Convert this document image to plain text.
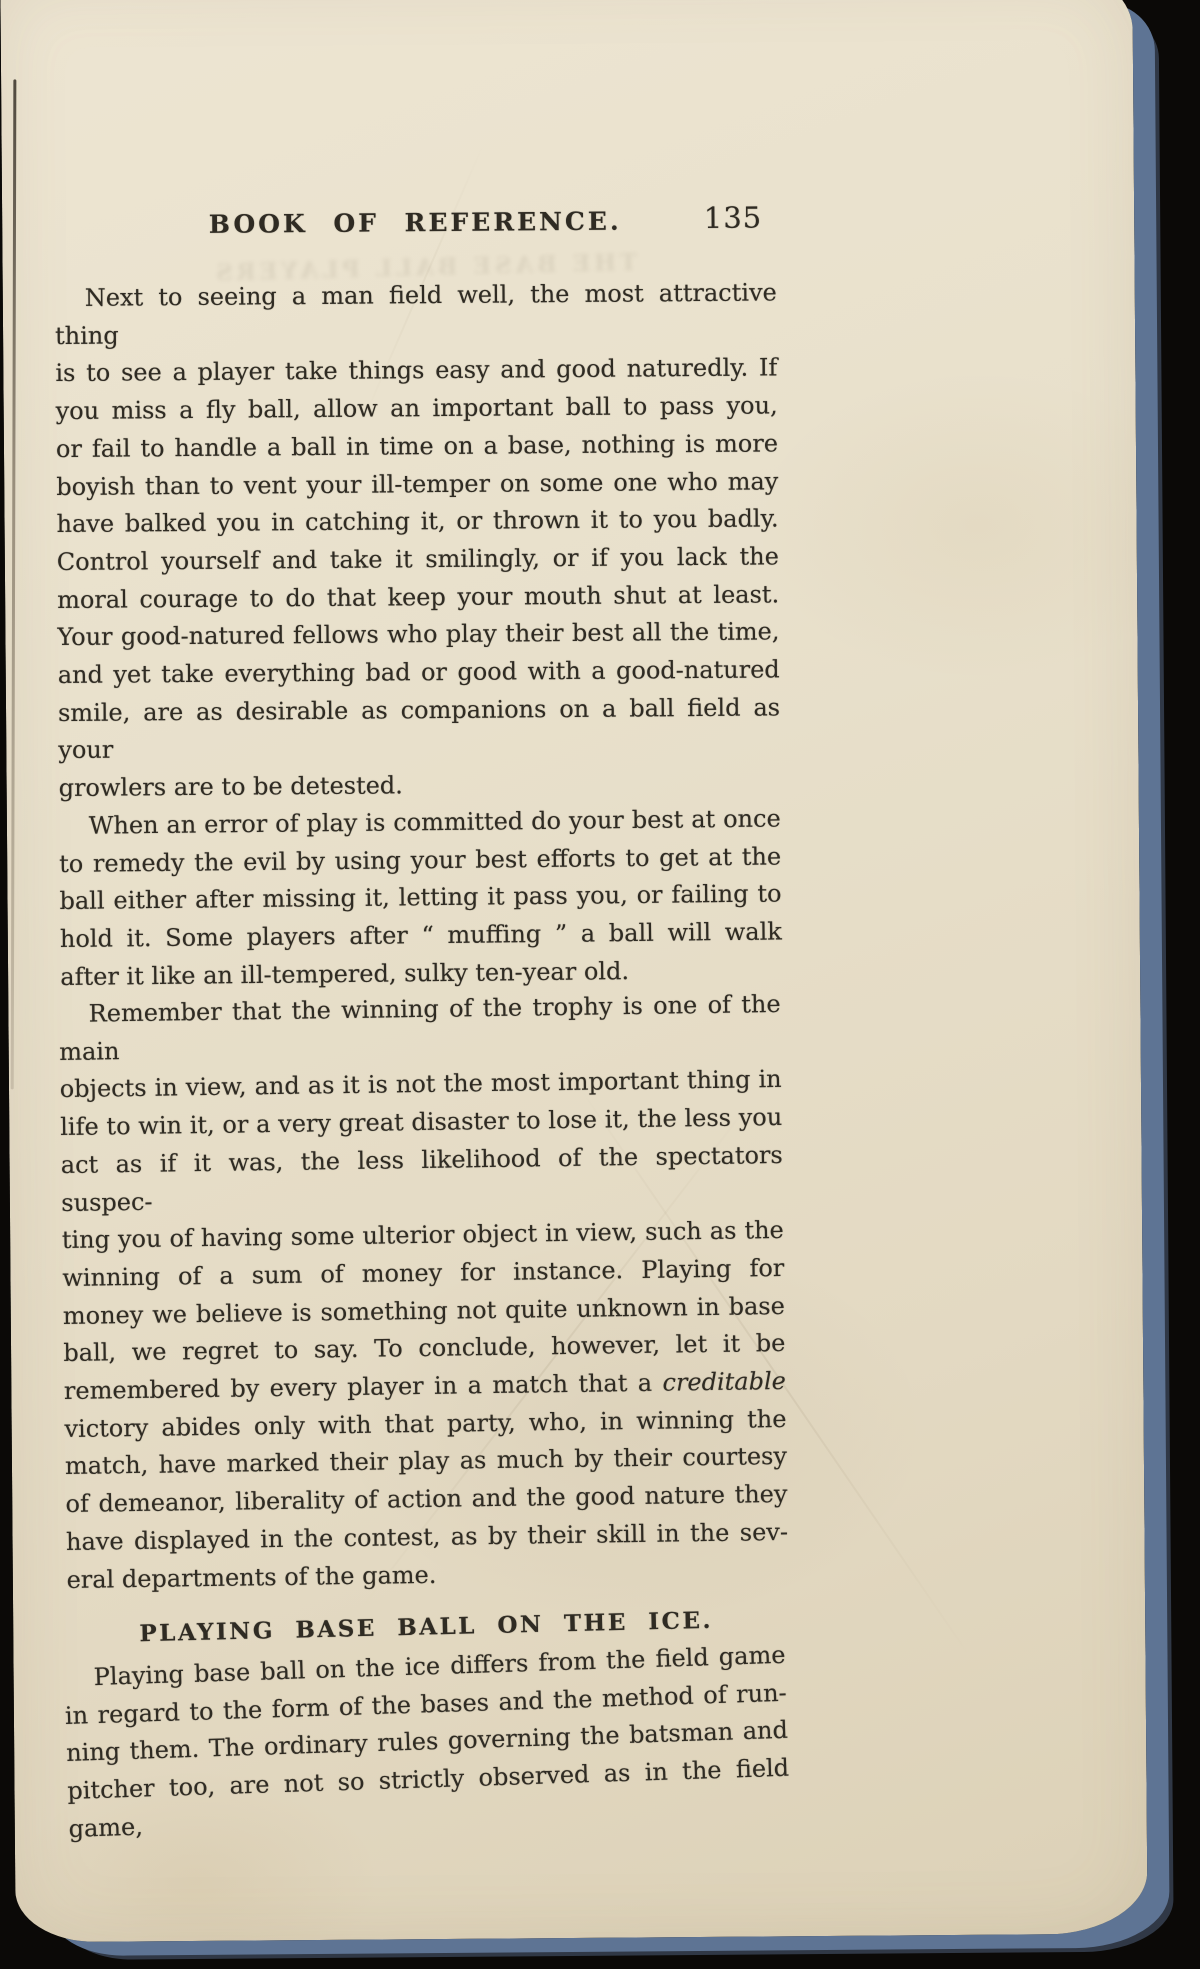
THE BASE BALL PLAYERS
BOOK OF REFERENCE.	135
Next to seeing a man field well, the most attractive thing
is to see a player take things easy and good naturedly. If
you miss a fly ball, allow an important ball to pass you,
or fail to handle a ball in time on a base, nothing is more
boyish than to vent your ill-temper on some one who may
have balked you in catching it, or thrown it to you badly.
Control yourself and take it smilingly, or if you lack the
moral courage to do that keep your mouth shut at least.
Your good-natured fellows who play their best all the time,
and yet take everything bad or good with a good-natured
smile, are as desirable as companions on a ball field as your
growlers are to be detested.
When an error of play is committed do your best at once
to remedy the evil by using your best efforts to get at the
ball either after missing it, letting it pass you, or failing to
hold it. Some players after “ muffing ” a ball will walk
after it like an ill-tempered, sulky ten-year old.
Remember that the winning of the trophy is one of the main
objects in view, and as it is not the most important thing in
life to win it, or a very great disaster to lose it, the less you
act as if it was, the less likelihood of the spectators suspec-
ting you of having some ulterior object in view, such as the
winning of a sum of money for instance. Playing for
money we believe is something not quite unknown in base
ball, we regret to say. To conclude, however, let it be
remembered by every player in a match that a creditable
victory abides only with that party, who, in winning the
match, have marked their play as much by their courtesy
of demeanor, liberality of action and the good nature they
have displayed in the contest, as by their skill in the sev-
eral departments of the game.
PLAYING BASE BALL ON THE ICE.
Playing base ball on the ice differs from the field game
in regard to the form of the bases and the method of run-
ning them. The ordinary rules governing the batsman and
pitcher too, are not so strictly observed as in the field game,
